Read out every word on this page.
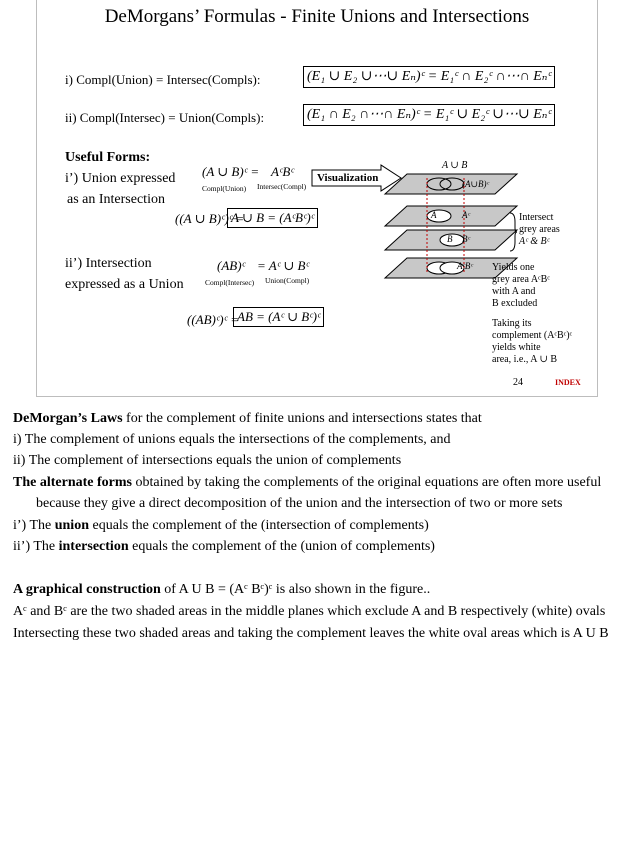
DeMorgans’ Formulas - Finite Unions and Intersections
i) Compl(Union) = Intersec(Compls):	(E₁ ∪ E₂ ∪⋯∪ Eₙ)ᶜ = E₁ᶜ ∩ E₂ᶜ ∩⋯∩ Eₙᶜ
ii) Compl(Intersec) = Union(Compls):	(E₁ ∩ E₂ ∩⋯∩ Eₙ)ᶜ = E₁ᶜ ∪ E₂ᶜ ∪⋯∪ Eₙᶜ
Useful Forms:
i’) Union expressed
as an Intersection
(A ∪ B)ᶜ = AᶜBᶜ
Compl(Union) Intersec(Compl)
Visualization
((A ∪ B)ᶜ)ᶜ =
A ∪ B = (AᶜBᶜ)ᶜ
ii’) Intersection
expressed as a Union
(AB)ᶜ = Aᶜ ∪ Bᶜ
Compl(Intersec) Union(Compl)
((AB)ᶜ)ᶜ =
AB = (Aᶜ ∪ Bᶜ)ᶜ
A ∪ B
(A∪B)ᶜ
A	Aᶜ
B Bᶜ
AᶜBᶜ
Intersect
grey areas
Aᶜ & Bᶜ
Yields one
grey area AᶜBᶜ
with A and
B excluded
Taking its
complement (AᶜBᶜ)ᶜ
yields white
area, i.e., A ∪ B
24	INDEX
DeMorgan’s Laws for the complement of finite unions and intersections states that
i) The complement of unions equals the intersections of the complements, and
ii) The complement of intersections equals the union of complements
The alternate forms obtained by taking the complements of the original equations are often more useful
because they give a direct decomposition of the union and the intersection of two or more sets
i’) The union equals the complement of the (intersection of complements)
ii’) The intersection equals the complement of the (union of complements)
A graphical construction of A U B = (Aᶜ Bᶜ)ᶜ is also shown in the figure..
Aᶜ and Bᶜ are the two shaded areas in the middle planes which exclude A and B respectively (white) ovals
Intersecting these two shaded areas and taking the complement leaves the white oval areas which is A U B
